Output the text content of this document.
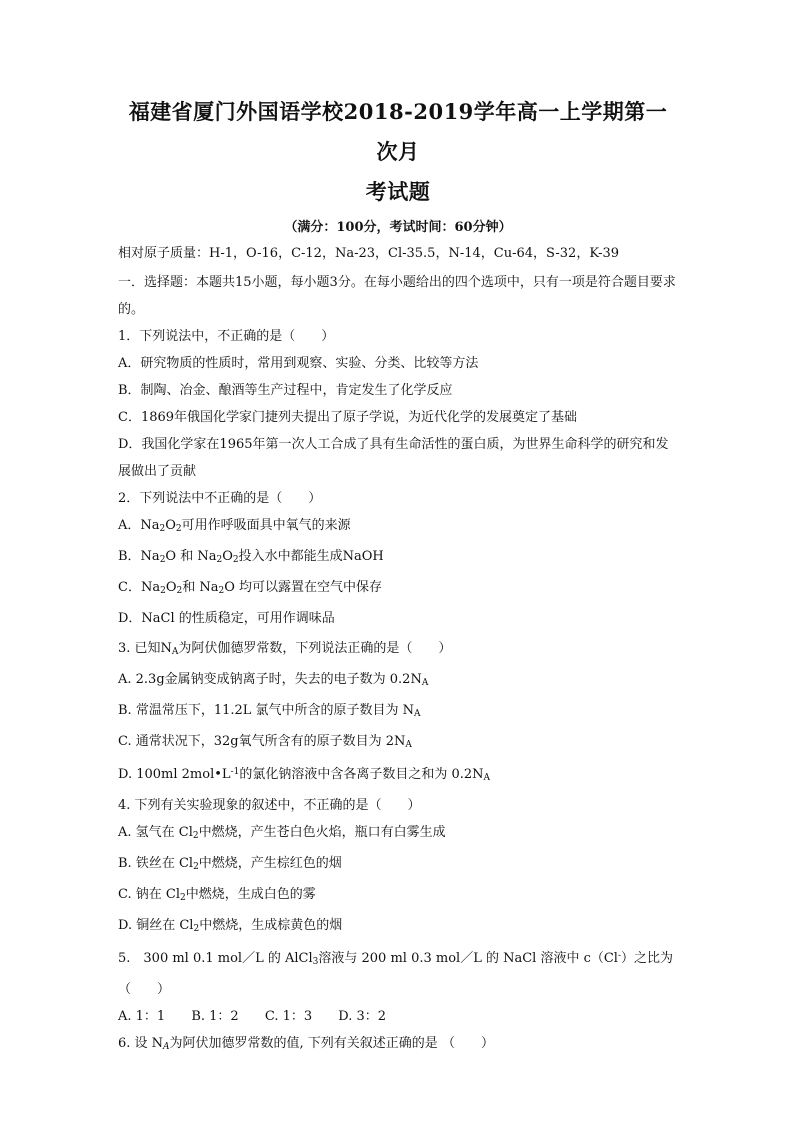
福建省厦门外国语学校2018-2019学年高一上学期第一次月
考试题
（满分：100分，考试时间：60分钟）
相对原子质量：H-1，O-16，C-12，Na-23，Cl-35.5，N-14，Cu-64，S-32，K-39
一．选择题：本题共15小题，每小题3分。在每小题给出的四个选项中，只有一项是符合题目要求的。
1．下列说法中，不正确的是（　　）
A．研究物质的性质时，常用到观察、实验、分类、比较等方法
B．制陶、冶金、酿酒等生产过程中，肯定发生了化学反应
C．1869年俄国化学家门捷列夫提出了原子学说，为近代化学的发展奠定了基础
D．我国化学家在1965年第一次人工合成了具有生命活性的蛋白质，为世界生命科学的研究和发展做出了贡献
2．下列说法中不正确的是（　　）
A．$Na_2O_2$可用作呼吸面具中氧气的来源
B．$Na_2O$ 和 $Na_2O_2$投入水中都能生成NaOH
C．$Na_2O_2$和 $Na_2O$ 均可以露置在空气中保存
D．NaCl 的性质稳定，可用作调味品
3. 已知$N_A$为阿伏伽德罗常数，下列说法正确的是（　　）
A. 2.3g金属钠变成钠离子时，失去的电子数为 $0.2N_A$
B. 常温常压下，11.2L 氯气中所含的原子数目为 $N_A$
C. 通常状况下，32g氧气所含有的原子数目为 $2N_A$
D. 100ml $2mol•L^{-1}$的氯化钠溶液中含各离子数目之和为 $0.2N_A$
4. 下列有关实验现象的叙述中，不正确的是（　　）
A. 氢气在 $Cl_2$中燃烧，产生苍白色火焰，瓶口有白雾生成
B. 铁丝在 $Cl_2$中燃烧，产生棕红色的烟
C. 钠在 $Cl_2$中燃烧，生成白色的雾
D. 铜丝在 $Cl_2$中燃烧，生成棕黄色的烟
5.　300 ml 0.1 mol／L 的 AlCl$_3$溶液与 200 ml 0.3 mol／L 的 NaCl 溶液中 c（Cl-）之比为
（　　）
A. 1：1 B. 1：2 C. 1：3 D. 3：2
6. 设 $N_A$为阿伏加德罗常数的值, 下列有关叙述正确的是 （　　）
